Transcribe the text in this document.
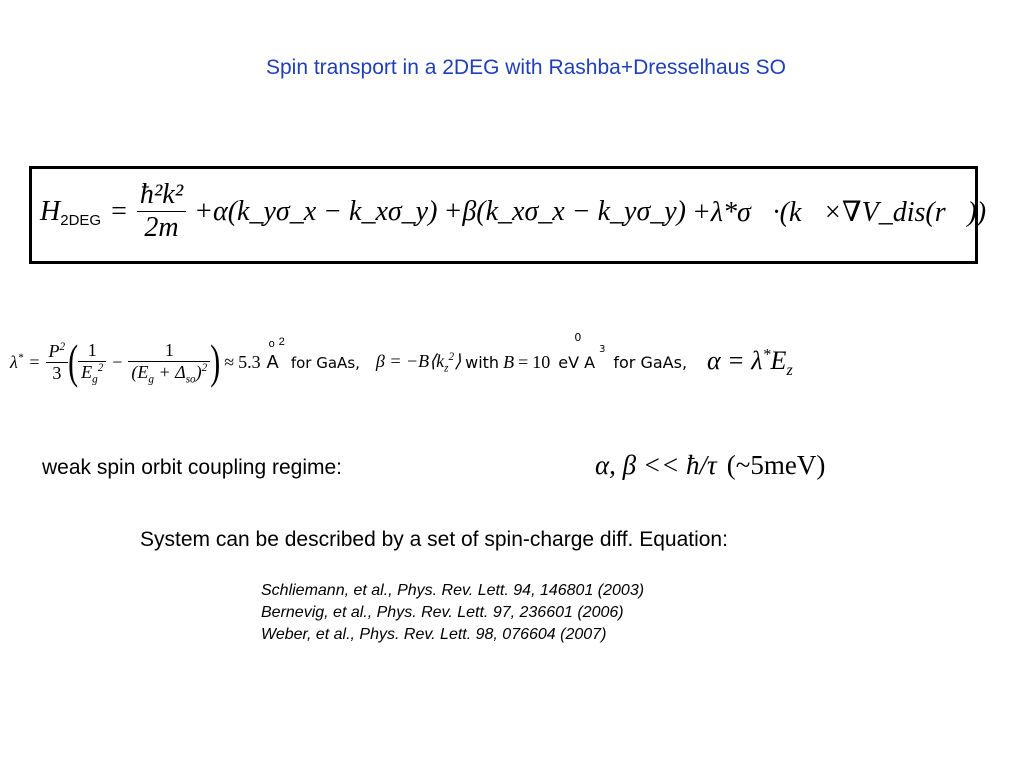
Spin transport in a 2DEG with Rashba+Dresselhaus SO
H $2DEG = \frac{\text{ħ²k²}}{2m}$ +α(k_yσ_x − k_xσ_y) +β(k_xσ_x − k_yσ_y) +λ*σ⃗·(k⃗×∇V_dis(r⃗))
$\lambda^* = \frac{P^2}{3}$ ( $\frac{1}{E_g^2} - \frac{1}{(E_g + \Delta_{so})^2}$ ) ≈ 5.3
o
$A^2$
for GaAs, $\beta = -B⟨k_z^2⟩$ with B = 10
0
eV $A^3$
for GaAs, $\alpha = \lambda^*E_z$
weak spin orbit coupling regime:	α, β << ħ/τ (~5meV)
System can be described by a set of spin-charge diff. Equation:
Schliemann, et al., Phys. Rev. Lett. 94, 146801 (2003)
Bernevig, et al., Phys. Rev. Lett. 97, 236601 (2006)
Weber, et al., Phys. Rev. Lett. 98, 076604 (2007)
